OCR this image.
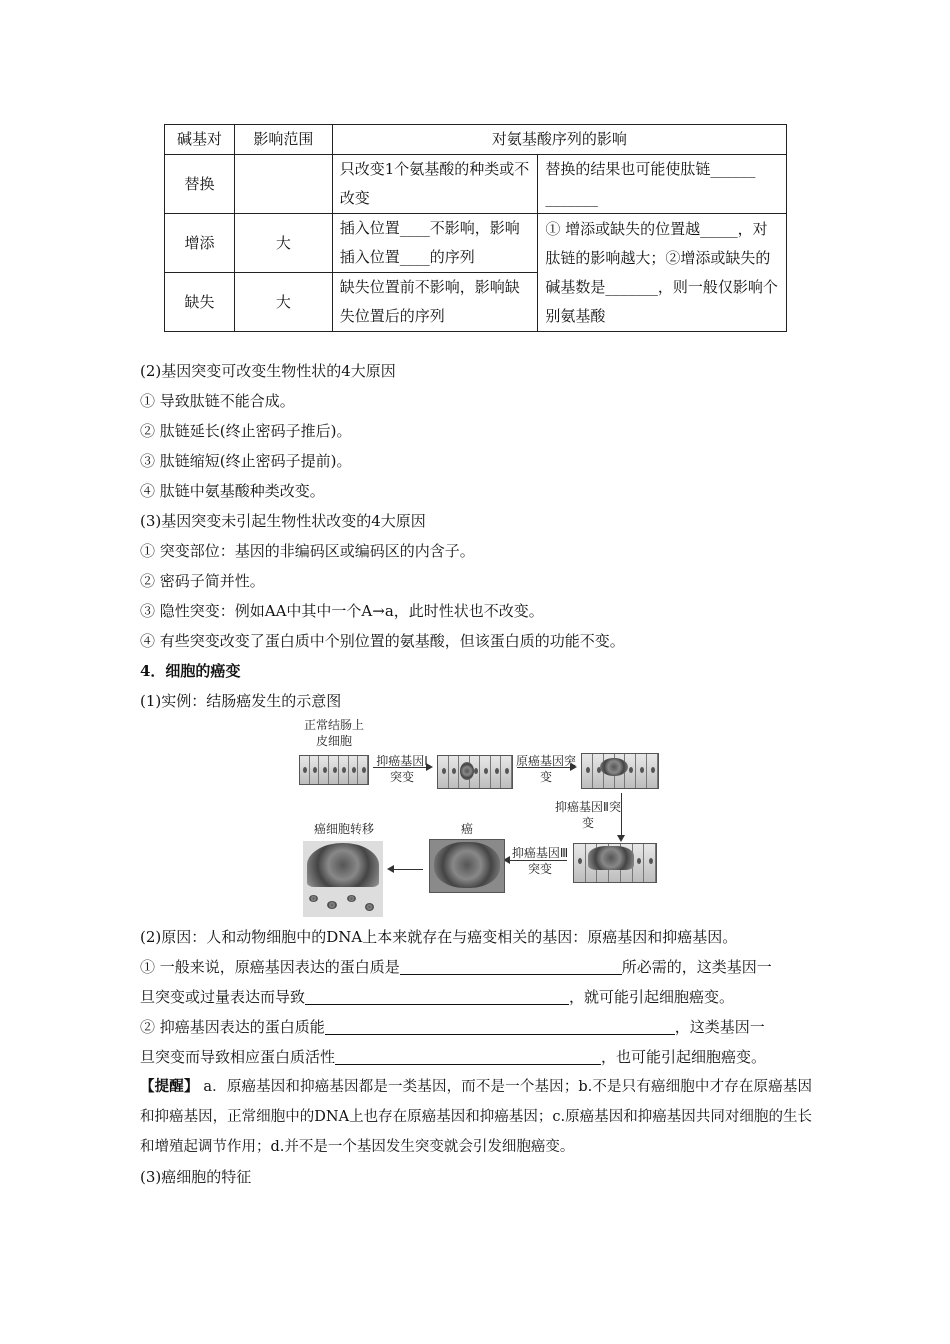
碱基对	影响范围	对氨基酸序列的影响	
替换		只改变1个氨基酸的种类或不改变	替换的结果也可能使肽链______ _______
增添	大	插入位置____不影响，影响插入位置____的序列	① 增添或缺失的位置越_____，对肽链的影响越大；②增添或缺失的碱基数是_______，则一般仅影响个别氨基酸
缺失	大	缺失位置前不影响，影响缺失位置后的序列	
(2)基因突变可改变生物性状的4大原因
① 导致肽链不能合成。
② 肽链延长(终止密码子推后)。
③ 肽链缩短(终止密码子提前)。
④ 肽链中氨基酸种类改变。
(3)基因突变未引起生物性状改变的4大原因
① 突变部位：基因的非编码区或编码区的内含子。
② 密码子简并性。
③ 隐性突变：例如AA中其中一个A→a，此时性状也不改变。
④ 有些突变改变了蛋白质中个别位置的氨基酸，但该蛋白质的功能不变。
4．细胞的癌变
(1)实例：结肠癌发生的示意图
正常结肠上皮细胞
抑癌基因Ⅰ突变
原癌基因突变
抑癌基因Ⅱ突变
抑癌基因Ⅲ突变
癌
癌细胞转移
(2)原因：人和动物细胞中的DNA上本来就存在与癌变相关的基因：原癌基因和抑癌基因。
① 一般来说，原癌基因表达的蛋白质是	所必需的，这类基因一
旦突变或过量表达而导致	，就可能引起细胞癌变。
② 抑癌基因表达的蛋白质能	，这类基因一
旦突变而导致相应蛋白质活性	，也可能引起细胞癌变。
【提醒】 a．原癌基因和抑癌基因都是一类基因，而不是一个基因；b.不是只有癌细胞中才存在原癌基因和抑癌基因，正常细胞中的DNA上也存在原癌基因和抑癌基因；c.原癌基因和抑癌基因共同对细胞的生长和增殖起调节作用；d.并不是一个基因发生突变就会引发细胞癌变。
(3)癌细胞的特征
